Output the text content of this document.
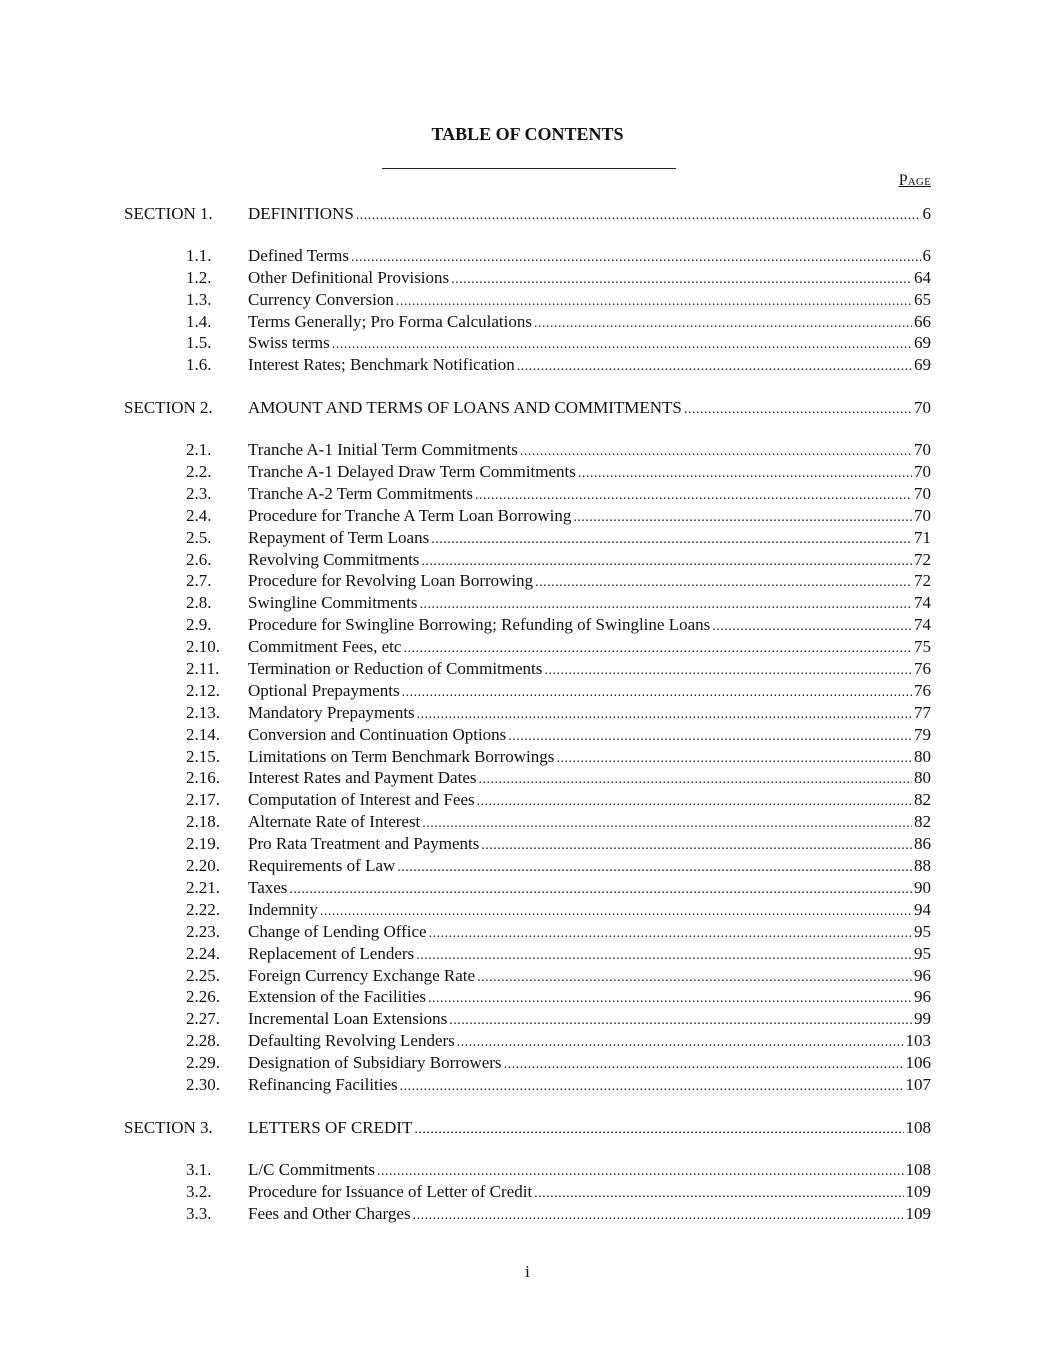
TABLE OF CONTENTS
Page
SECTION 1.	DEFINITIONS .....	6
1.1.	Defined Terms .....	6
1.2.	Other Definitional Provisions .....	64
1.3.	Currency Conversion .....	65
1.4.	Terms Generally; Pro Forma Calculations .....	66
1.5.	Swiss terms .....	69
1.6.	Interest Rates; Benchmark Notification .....	69
SECTION 2.	AMOUNT AND TERMS OF LOANS AND COMMITMENTS .....	70
2.1.	Tranche A-1 Initial Term Commitments .....	70
2.2.	Tranche A-1 Delayed Draw Term Commitments .....	70
2.3.	Tranche A-2 Term Commitments .....	70
2.4.	Procedure for Tranche A Term Loan Borrowing .....	70
2.5.	Repayment of Term Loans .....	71
2.6.	Revolving Commitments .....	72
2.7.	Procedure for Revolving Loan Borrowing .....	72
2.8.	Swingline Commitments .....	74
2.9.	Procedure for Swingline Borrowing; Refunding of Swingline Loans .....	74
2.10.	Commitment Fees, etc .....	75
2.11.	Termination or Reduction of Commitments .....	76
2.12.	Optional Prepayments .....	76
2.13.	Mandatory Prepayments .....	77
2.14.	Conversion and Continuation Options .....	79
2.15.	Limitations on Term Benchmark Borrowings .....	80
2.16.	Interest Rates and Payment Dates .....	80
2.17.	Computation of Interest and Fees .....	82
2.18.	Alternate Rate of Interest .....	82
2.19.	Pro Rata Treatment and Payments .....	86
2.20.	Requirements of Law .....	88
2.21.	Taxes .....	90
2.22.	Indemnity .....	94
2.23.	Change of Lending Office .....	95
2.24.	Replacement of Lenders .....	95
2.25.	Foreign Currency Exchange Rate .....	96
2.26.	Extension of the Facilities .....	96
2.27.	Incremental Loan Extensions .....	99
2.28.	Defaulting Revolving Lenders .....	103
2.29.	Designation of Subsidiary Borrowers .....	106
2.30.	Refinancing Facilities .....	107
SECTION 3.	LETTERS OF CREDIT .....	108
3.1.	L/C Commitments .....	108
3.2.	Procedure for Issuance of Letter of Credit .....	109
3.3.	Fees and Other Charges .....	109
i
